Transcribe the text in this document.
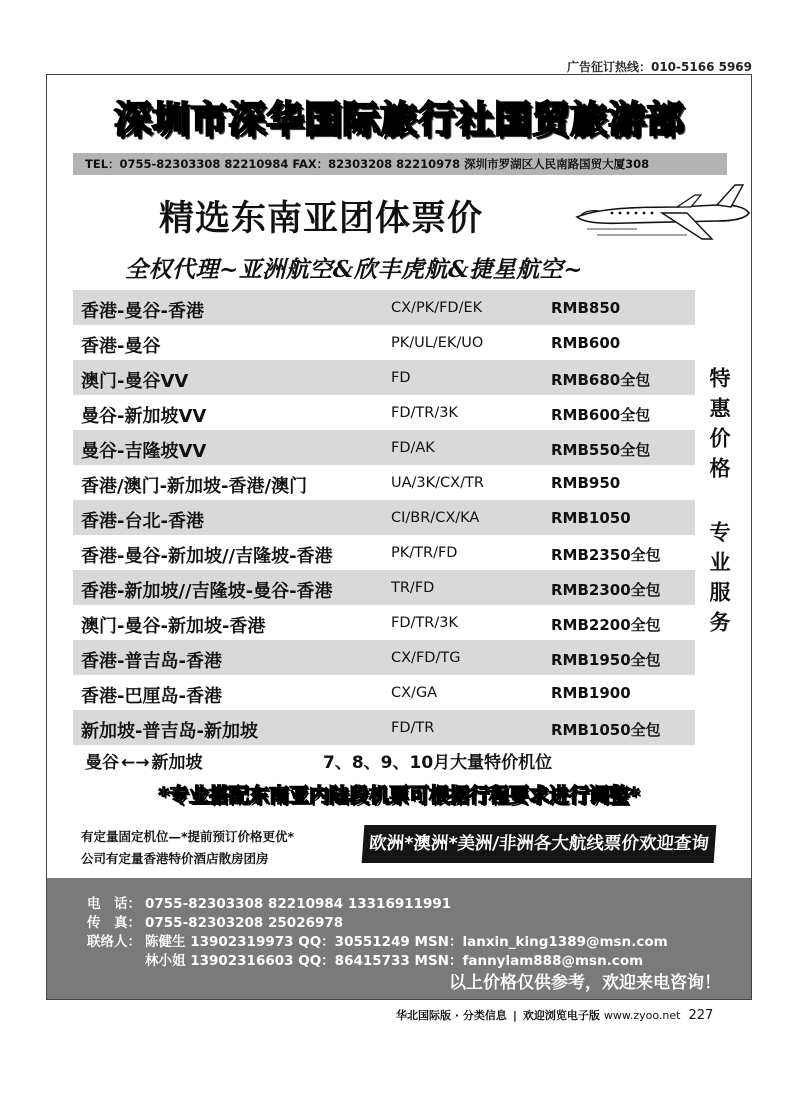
广告征订热线：010-5166 5969
深圳市深华国际旅行社国贸旅游部
TEL：0755-82303308 82210984 FAX：82303208 82210978 深圳市罗湖区人民南路国贸大厦308
精选东南亚团体票价
全权代理~亚洲航空&欣丰虎航&捷星航空~
香港-曼谷-香港	CX/PK/FD/EK	RMB850
香港-曼谷	PK/UL/EK/UO	RMB600
澳门-曼谷VV	FD	RMB680全包
曼谷-新加坡VV	FD/TR/3K	RMB600全包
曼谷-吉隆坡VV	FD/AK	RMB550全包
香港/澳门-新加坡-香港/澳门	UA/3K/CX/TR	RMB950
香港-台北-香港	CI/BR/CX/KA	RMB1050
香港-曼谷-新加坡//吉隆坡-香港	PK/TR/FD	RMB2350全包
香港-新加坡//吉隆坡-曼谷-香港	TR/FD	RMB2300全包
澳门-曼谷-新加坡-香港	FD/TR/3K	RMB2200全包
香港-普吉岛-香港	CX/FD/TG	RMB1950全包
香港-巴厘岛-香港	CX/GA	RMB1900
新加坡-普吉岛-新加坡	FD/TR	RMB1050全包
特惠价格
专业服务
曼谷 ←→ 新加坡	7、8、9、10月大量特价机位
*专业搭配东南亚内陆段机票可根据行程要求进行调整*
有定量固定机位—*提前预订价格更优*
公司有定量香港特价酒店散房团房
欧洲*澳洲*美洲/非洲各大航线票价欢迎查询
电　话： 0755-82303308 82210984 13316911991
传　真： 0755-82303208 25026978
联络人： 陈健生 13902319973 QQ：30551249 MSN：lanxin_king1389@msn.com
林小姐 13902316603 QQ：86415733 MSN：fannylam888@msn.com
以上价格仅供参考，欢迎来电咨询！
华北国际版 · 分类信息 | 欢迎浏览电子版 www.zyoo.net 227
